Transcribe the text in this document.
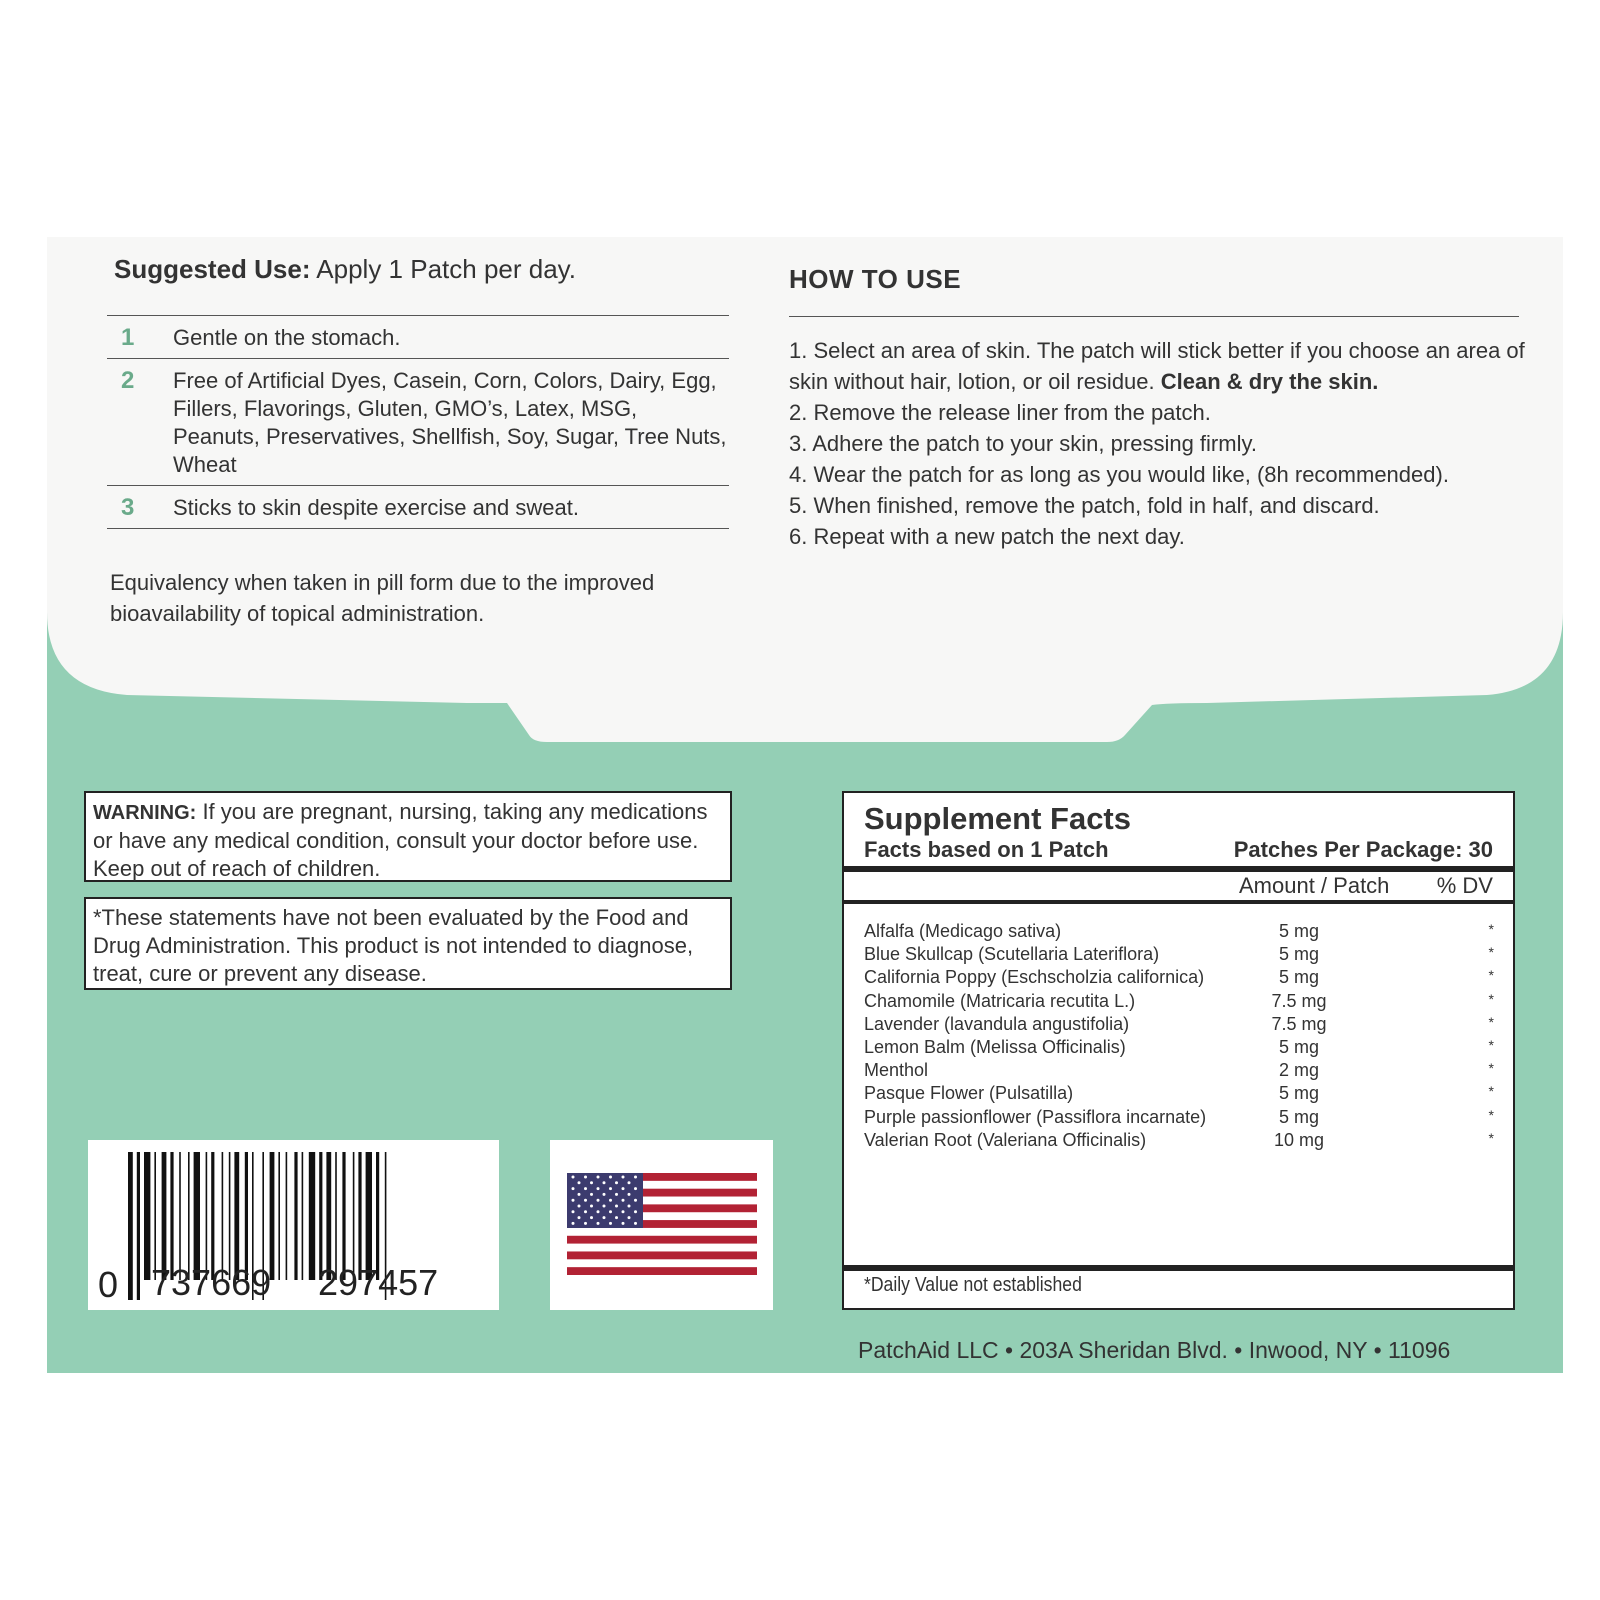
Suggested Use: Apply 1 Patch per day.
1	Gentle on the stomach.
2	Free of Artificial Dyes, Casein, Corn, Colors, Dairy, Egg, Fillers, Flavorings, Gluten, GMO’s, Latex, MSG, Peanuts, Preservatives, Shellfish, Soy, Sugar, Tree Nuts, Wheat
3	Sticks to skin despite exercise and sweat.
Equivalency when taken in pill form due to the improved bioavailability of topical administration.
HOW TO USE

1. Select an area of skin. The patch will stick better if you choose an area of skin without hair, lotion, or oil residue. Clean & dry the skin.

2. Remove the release liner from the patch.

3. Adhere the patch to your skin, pressing firmly.

4. Wear the patch for as long as you would like, (8h recommended).

5. When finished, remove the patch, fold in half, and discard.

6. Repeat with a new patch the next day.

WARNING: If you are pregnant, nursing, taking any medications or have any medical condition, consult your doctor before use. Keep out of reach of children.
*These statements have not been evaluated by the Food and Drug Administration. This product is not intended to diagnose, treat, cure or prevent any disease.
0 737669 297457
Supplement Facts
Facts based on 1 Patch	Patches Per Package: 30
Amount / Patch % DV
Alfalfa (Medicago sativa)	5 mg	*
Blue Skullcap (Scutellaria Lateriflora)	5 mg	*
California Poppy (Eschscholzia californica)	5 mg	*
Chamomile (Matricaria recutita L.)	7.5 mg	*
Lavender (lavandula angustifolia)	7.5 mg	*
Lemon Balm (Melissa Officinalis)	5 mg	*
Menthol	2 mg	*
Pasque Flower (Pulsatilla)	5 mg	*
Purple passionflower (Passiflora incarnate)	5 mg	*
Valerian Root (Valeriana Officinalis)	10 mg	*
*Daily Value not established
PatchAid LLC • 203A Sheridan Blvd. • Inwood, NY • 11096
